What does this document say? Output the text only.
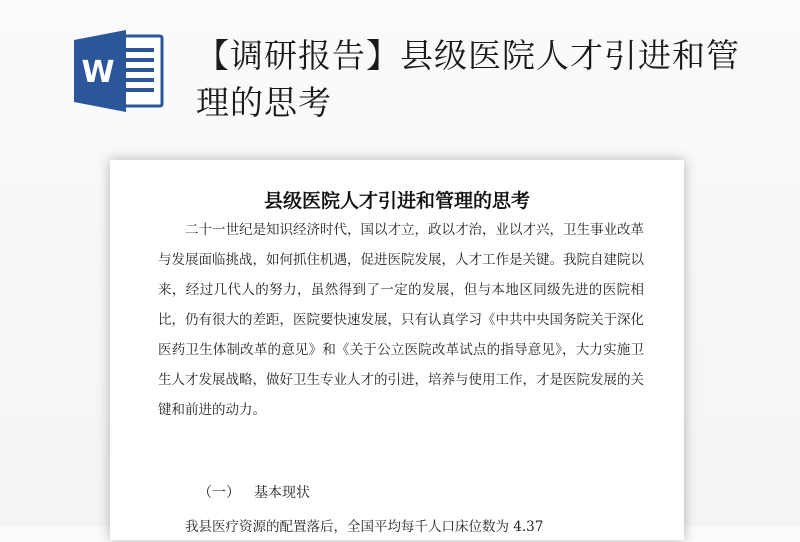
W 【调研报告】县级医院人才引进和管理的思考
县级医院人才引进和管理的思考
二十一世纪是知识经济时代，国以才立，政以才治，业以才兴，卫生事业改革与发展面临挑战，如何抓住机遇，促进医院发展，人才工作是关键。我院自建院以来，经过几代人的努力，虽然得到了一定的发展，但与本地区同级先进的医院相比，仍有很大的差距，医院要快速发展，只有认真学习《中共中央国务院关于深化医药卫生体制改革的意见》和《关于公立医院改革试点的指导意见》，大力实施卫生人才发展战略，做好卫生专业人才的引进，培养与使用工作，才是医院发展的关键和前进的动力。
（一） 基本现状
我县医疗资源的配置落后，全国平均每千人口床位数为 4.37
